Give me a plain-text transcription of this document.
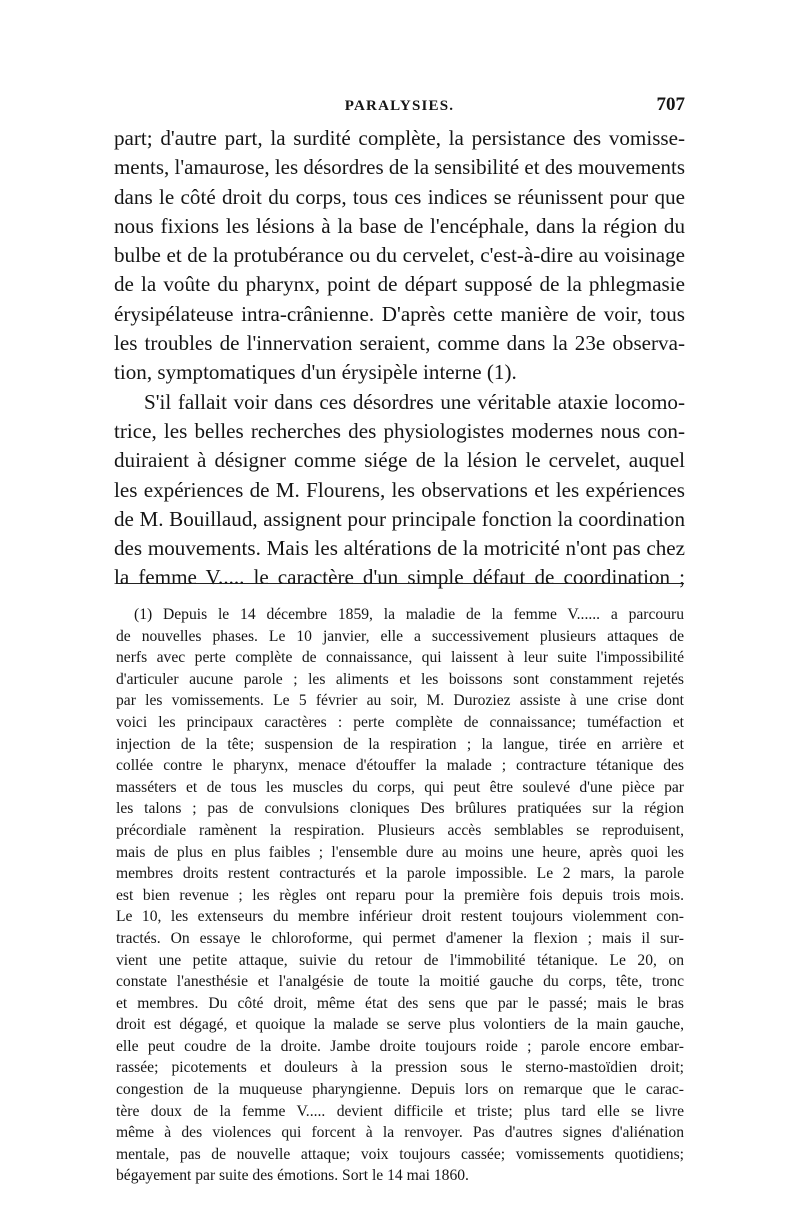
PARALYSIES.	707
part; d'autre part, la surdité complète, la persistance des vomisse-
ments, l'amaurose, les désordres de la sensibilité et des mouvements
dans le côté droit du corps, tous ces indices se réunissent pour que
nous fixions les lésions à la base de l'encéphale, dans la région du
bulbe et de la protubérance ou du cervelet, c'est-à-dire au voisinage
de la voûte du pharynx, point de départ supposé de la phlegmasie
érysipélateuse intra-crânienne. D'après cette manière de voir, tous
les troubles de l'innervation seraient, comme dans la 23e observa-
tion, symptomatiques d'un érysipèle interne (1).
S'il fallait voir dans ces désordres une véritable ataxie locomo-
trice, les belles recherches des physiologistes modernes nous con-
duiraient à désigner comme siége de la lésion le cervelet, auquel
les expériences de M. Flourens, les observations et les expériences
de M. Bouillaud, assignent pour principale fonction la coordination
des mouvements. Mais les altérations de la motricité n'ont pas chez
la femme V..... le caractère d'un simple défaut de coordination ;
(1) Depuis le 14 décembre 1859, la maladie de la femme V...... a parcouru
de nouvelles phases. Le 10 janvier, elle a successivement plusieurs attaques de
nerfs avec perte complète de connaissance, qui laissent à leur suite l'impossibilité
d'articuler aucune parole ; les aliments et les boissons sont constamment rejetés
par les vomissements. Le 5 février au soir, M. Duroziez assiste à une crise dont
voici les principaux caractères : perte complète de connaissance; tuméfaction et
injection de la tête; suspension de la respiration ; la langue, tirée en arrière et
collée contre le pharynx, menace d'étouffer la malade ; contracture tétanique des
masséters et de tous les muscles du corps, qui peut être soulevé d'une pièce par
les talons ; pas de convulsions cloniques Des brûlures pratiquées sur la région
précordiale ramènent la respiration. Plusieurs accès semblables se reproduisent,
mais de plus en plus faibles ; l'ensemble dure au moins une heure, après quoi les
membres droits restent contracturés et la parole impossible. Le 2 mars, la parole
est bien revenue ; les règles ont reparu pour la première fois depuis trois mois.
Le 10, les extenseurs du membre inférieur droit restent toujours violemment con-
tractés. On essaye le chloroforme, qui permet d'amener la flexion ; mais il sur-
vient une petite attaque, suivie du retour de l'immobilité tétanique. Le 20, on
constate l'anesthésie et l'analgésie de toute la moitié gauche du corps, tête, tronc
et membres. Du côté droit, même état des sens que par le passé; mais le bras
droit est dégagé, et quoique la malade se serve plus volontiers de la main gauche,
elle peut coudre de la droite. Jambe droite toujours roide ; parole encore embar-
rassée; picotements et douleurs à la pression sous le sterno-mastoïdien droit;
congestion de la muqueuse pharyngienne. Depuis lors on remarque que le carac-
tère doux de la femme V..... devient difficile et triste; plus tard elle se livre
même à des violences qui forcent à la renvoyer. Pas d'autres signes d'aliénation
mentale, pas de nouvelle attaque; voix toujours cassée; vomissements quotidiens;
bégayement par suite des émotions. Sort le 14 mai 1860.
